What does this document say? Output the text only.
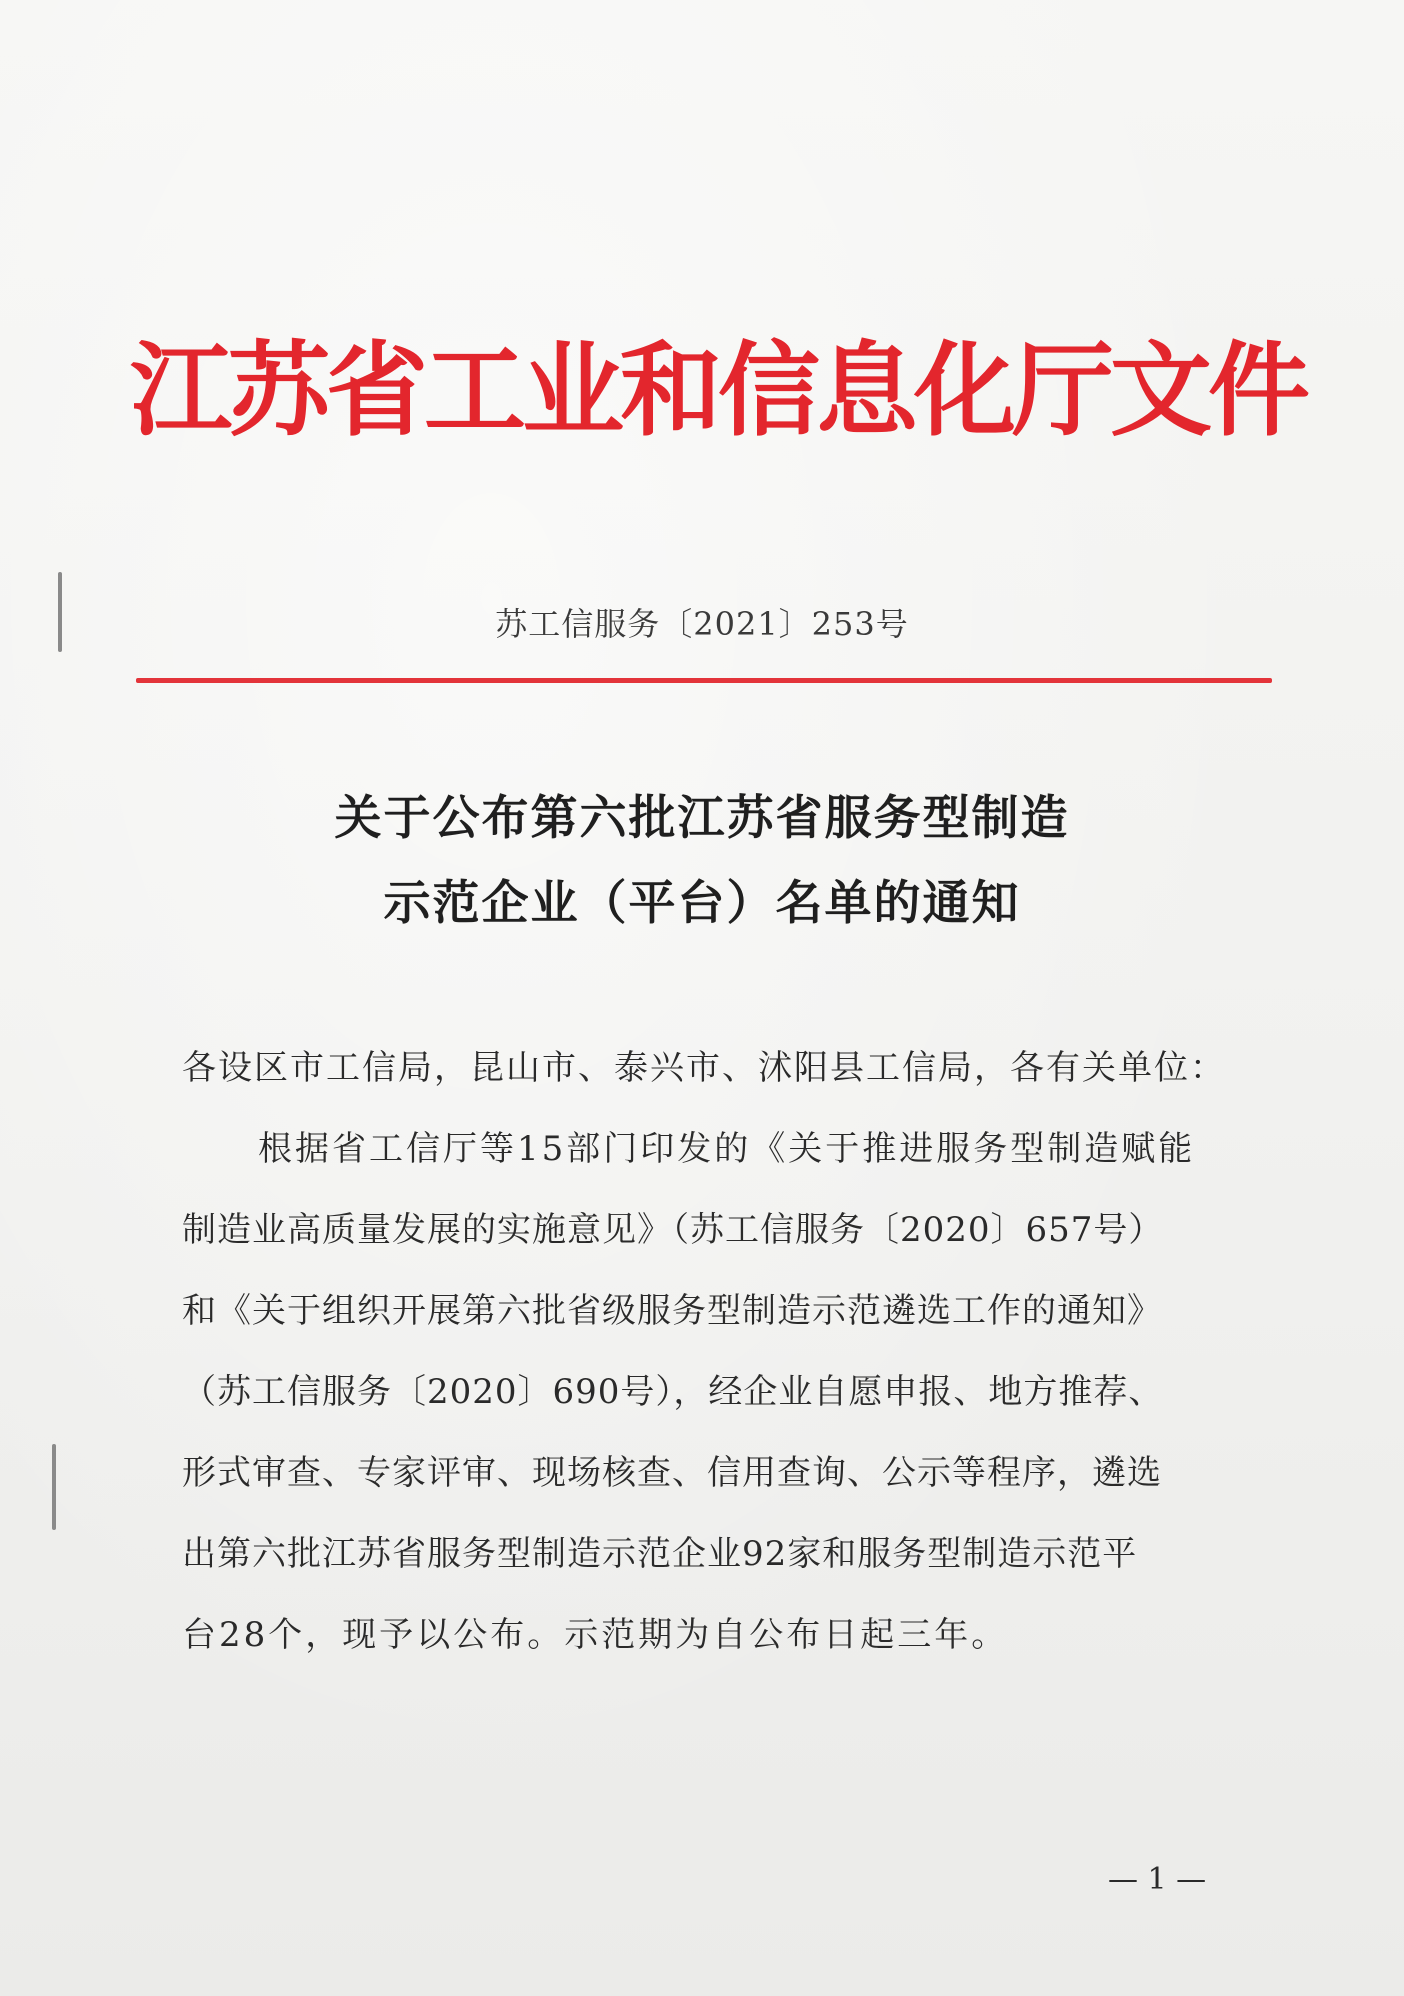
江苏省工业和信息化厅文件
苏工信服务〔2021〕253号
关于公布第六批江苏省服务型制造
示范企业（平台）名单的通知
各设区市工信局，昆山市、泰兴市、沭阳县工信局，各有关单位：
根据省工信厅等15部门印发的《关于推进服务型制造赋能
制造业高质量发展的实施意见》（苏工信服务〔2020〕657号）
和《关于组织开展第六批省级服务型制造示范遴选工作的通知》
（苏工信服务〔2020〕690号），经企业自愿申报、地方推荐、
形式审查、专家评审、现场核查、信用查询、公示等程序，遴选
出第六批江苏省服务型制造示范企业92家和服务型制造示范平
台28个，现予以公布。示范期为自公布日起三年。
— 1 —
